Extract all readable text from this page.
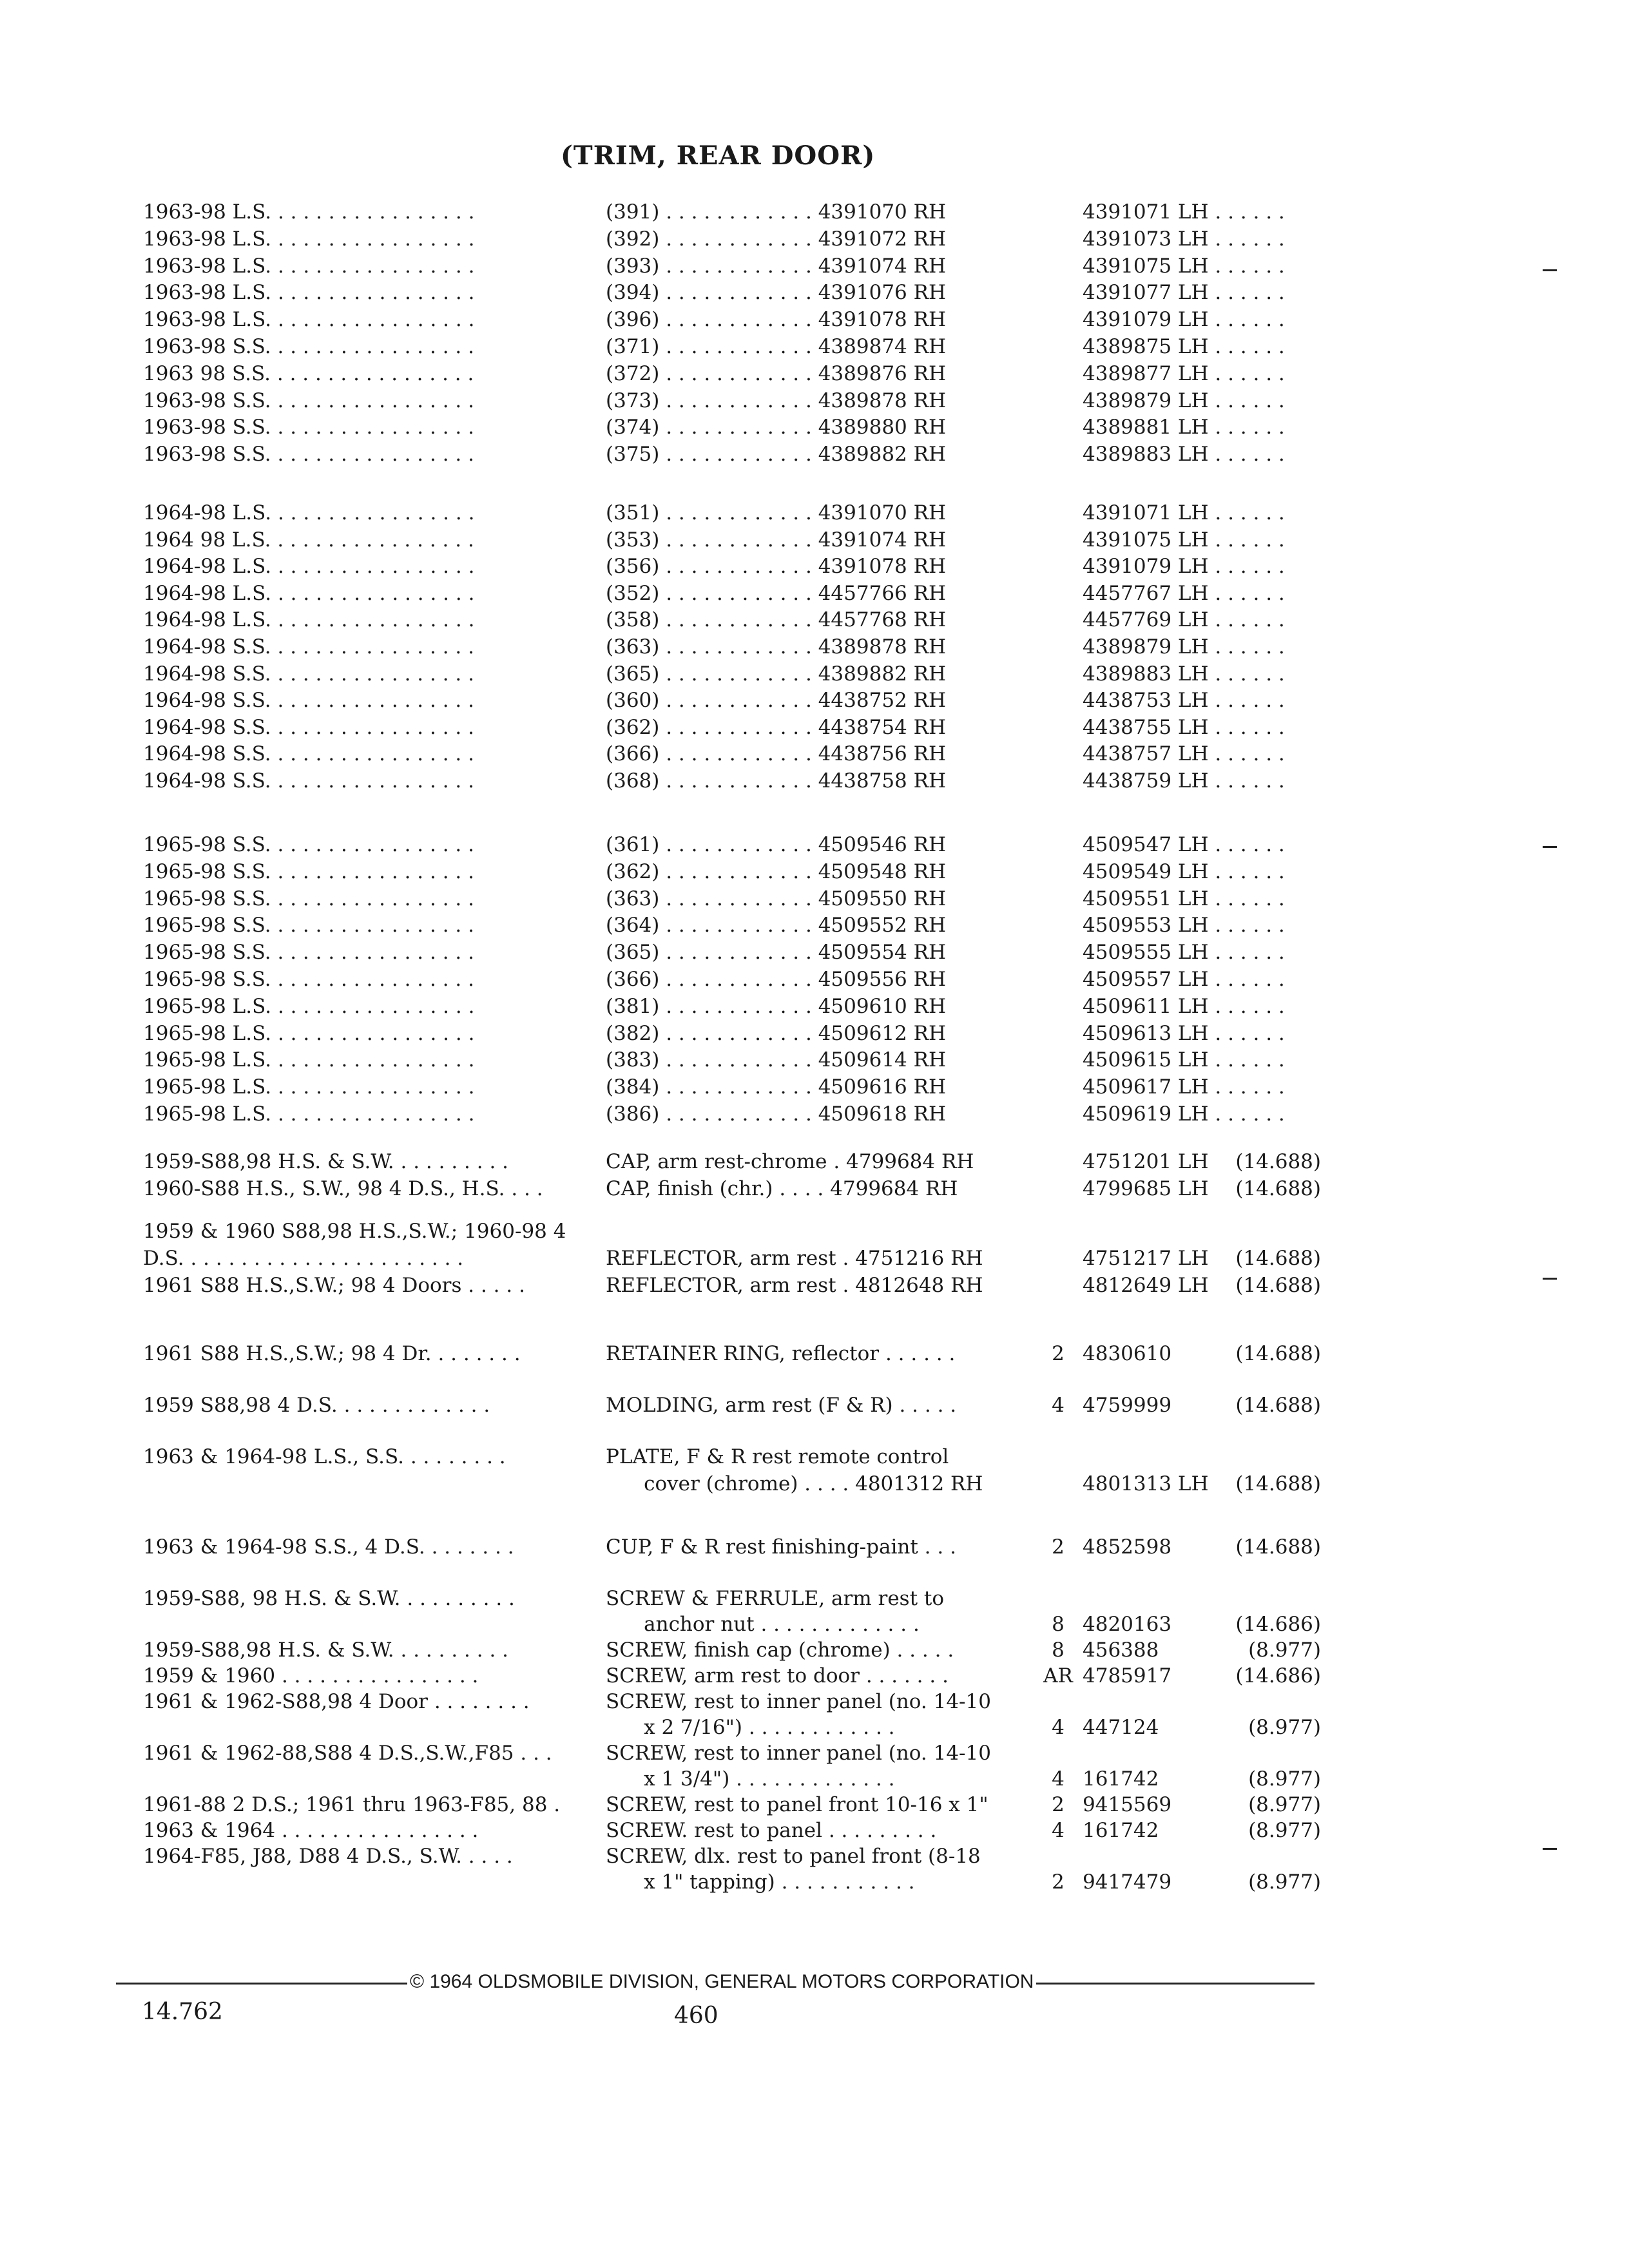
(TRIM, REAR DOOR)
1963-98 L.S. . . . . . . . . . . . . . . . .	(391) . . . . . . . . . . . . 4391070 RH	4391071 LH . . . . . .
1963-98 L.S. . . . . . . . . . . . . . . . .	(392) . . . . . . . . . . . . 4391072 RH	4391073 LH . . . . . .
1963-98 L.S. . . . . . . . . . . . . . . . .	(393) . . . . . . . . . . . . 4391074 RH	4391075 LH . . . . . .
1963-98 L.S. . . . . . . . . . . . . . . . .	(394) . . . . . . . . . . . . 4391076 RH	4391077 LH . . . . . .
1963-98 L.S. . . . . . . . . . . . . . . . .	(396) . . . . . . . . . . . . 4391078 RH	4391079 LH . . . . . .
1963-98 S.S. . . . . . . . . . . . . . . . .	(371) . . . . . . . . . . . . 4389874 RH	4389875 LH . . . . . .
1963 98 S.S. . . . . . . . . . . . . . . . .	(372) . . . . . . . . . . . . 4389876 RH	4389877 LH . . . . . .
1963-98 S.S. . . . . . . . . . . . . . . . .	(373) . . . . . . . . . . . . 4389878 RH	4389879 LH . . . . . .
1963-98 S.S. . . . . . . . . . . . . . . . .	(374) . . . . . . . . . . . . 4389880 RH	4389881 LH . . . . . .
1963-98 S.S. . . . . . . . . . . . . . . . .	(375) . . . . . . . . . . . . 4389882 RH	4389883 LH . . . . . .
1964-98 L.S. . . . . . . . . . . . . . . . .	(351) . . . . . . . . . . . . 4391070 RH	4391071 LH . . . . . .
1964 98 L.S. . . . . . . . . . . . . . . . .	(353) . . . . . . . . . . . . 4391074 RH	4391075 LH . . . . . .
1964-98 L.S. . . . . . . . . . . . . . . . .	(356) . . . . . . . . . . . . 4391078 RH	4391079 LH . . . . . .
1964-98 L.S. . . . . . . . . . . . . . . . .	(352) . . . . . . . . . . . . 4457766 RH	4457767 LH . . . . . .
1964-98 L.S. . . . . . . . . . . . . . . . .	(358) . . . . . . . . . . . . 4457768 RH	4457769 LH . . . . . .
1964-98 S.S. . . . . . . . . . . . . . . . .	(363) . . . . . . . . . . . . 4389878 RH	4389879 LH . . . . . .
1964-98 S.S. . . . . . . . . . . . . . . . .	(365) . . . . . . . . . . . . 4389882 RH	4389883 LH . . . . . .
1964-98 S.S. . . . . . . . . . . . . . . . .	(360) . . . . . . . . . . . . 4438752 RH	4438753 LH . . . . . .
1964-98 S.S. . . . . . . . . . . . . . . . .	(362) . . . . . . . . . . . . 4438754 RH	4438755 LH . . . . . .
1964-98 S.S. . . . . . . . . . . . . . . . .	(366) . . . . . . . . . . . . 4438756 RH	4438757 LH . . . . . .
1964-98 S.S. . . . . . . . . . . . . . . . .	(368) . . . . . . . . . . . . 4438758 RH	4438759 LH . . . . . .
1965-98 S.S. . . . . . . . . . . . . . . . .	(361) . . . . . . . . . . . . 4509546 RH	4509547 LH . . . . . .
1965-98 S.S. . . . . . . . . . . . . . . . .	(362) . . . . . . . . . . . . 4509548 RH	4509549 LH . . . . . .
1965-98 S.S. . . . . . . . . . . . . . . . .	(363) . . . . . . . . . . . . 4509550 RH	4509551 LH . . . . . .
1965-98 S.S. . . . . . . . . . . . . . . . .	(364) . . . . . . . . . . . . 4509552 RH	4509553 LH . . . . . .
1965-98 S.S. . . . . . . . . . . . . . . . .	(365) . . . . . . . . . . . . 4509554 RH	4509555 LH . . . . . .
1965-98 S.S. . . . . . . . . . . . . . . . .	(366) . . . . . . . . . . . . 4509556 RH	4509557 LH . . . . . .
1965-98 L.S. . . . . . . . . . . . . . . . .	(381) . . . . . . . . . . . . 4509610 RH	4509611 LH . . . . . .
1965-98 L.S. . . . . . . . . . . . . . . . .	(382) . . . . . . . . . . . . 4509612 RH	4509613 LH . . . . . .
1965-98 L.S. . . . . . . . . . . . . . . . .	(383) . . . . . . . . . . . . 4509614 RH	4509615 LH . . . . . .
1965-98 L.S. . . . . . . . . . . . . . . . .	(384) . . . . . . . . . . . . 4509616 RH	4509617 LH . . . . . .
1965-98 L.S. . . . . . . . . . . . . . . . .	(386) . . . . . . . . . . . . 4509618 RH	4509619 LH . . . . . .
1959-S88,98 H.S. & S.W. . . . . . . . . .	CAP, arm rest-chrome . 4799684 RH	4751201 LH	(14.688)
1960-S88 H.S., S.W., 98 4 D.S., H.S. . . .	CAP, finish (chr.) . . . . 4799684 RH	4799685 LH	(14.688)
1959 & 1960 S88,98 H.S.,S.W.; 1960-98 4
D.S. . . . . . . . . . . . . . . . . . . . . . .	REFLECTOR, arm rest . 4751216 RH	4751217 LH	(14.688)
1961 S88 H.S.,S.W.; 98 4 Doors . . . . .	REFLECTOR, arm rest . 4812648 RH	4812649 LH	(14.688)
1961 S88 H.S.,S.W.; 98 4 Dr. . . . . . . .	RETAINER RING, reflector . . . . . .	2 4830610	(14.688)
1959 S88,98 4 D.S. . . . . . . . . . . . .	MOLDING, arm rest (F & R) . . . . .	4 4759999	(14.688)
1963 & 1964-98 L.S., S.S. . . . . . . . .	PLATE, F & R rest remote control
cover (chrome) . . . . 4801312 RH	4801313 LH	(14.688)
1963 & 1964-98 S.S., 4 D.S. . . . . . . .	CUP, F & R rest finishing-paint . . .	2 4852598	(14.688)
1959-S88, 98 H.S. & S.W. . . . . . . . . .	SCREW & FERRULE, arm rest to
anchor nut . . . . . . . . . . . . .	8 4820163	(14.686)
1959-S88,98 H.S. & S.W. . . . . . . . . .	SCREW, finish cap (chrome) . . . . .	8 456388	(8.977)
1959 & 1960 . . . . . . . . . . . . . . . .	SCREW, arm rest to door . . . . . . .	AR 4785917	(14.686)
1961 & 1962-S88,98 4 Door . . . . . . . .	SCREW, rest to inner panel (no. 14-10
x 2 7/16") . . . . . . . . . . . .	4 447124	(8.977)
1961 & 1962-88,S88 4 D.S.,S.W.,F85 . . .	SCREW, rest to inner panel (no. 14-10
x 1 3/4") . . . . . . . . . . . . .	4 161742	(8.977)
1961-88 2 D.S.; 1961 thru 1963-F85, 88 . SCREW, rest to panel front 10-16 x 1"	2 9415569	(8.977)
1963 & 1964 . . . . . . . . . . . . . . . .	SCREW. rest to panel . . . . . . . . .	4 161742	(8.977)
1964-F85, J88, D88 4 D.S., S.W. . . . .	SCREW, dlx. rest to panel front (8-18
x 1" tapping) . . . . . . . . . . .	2 9417479	(8.977)
© 1964 OLDSMOBILE DIVISION, GENERAL MOTORS CORPORATION
14.762	460
